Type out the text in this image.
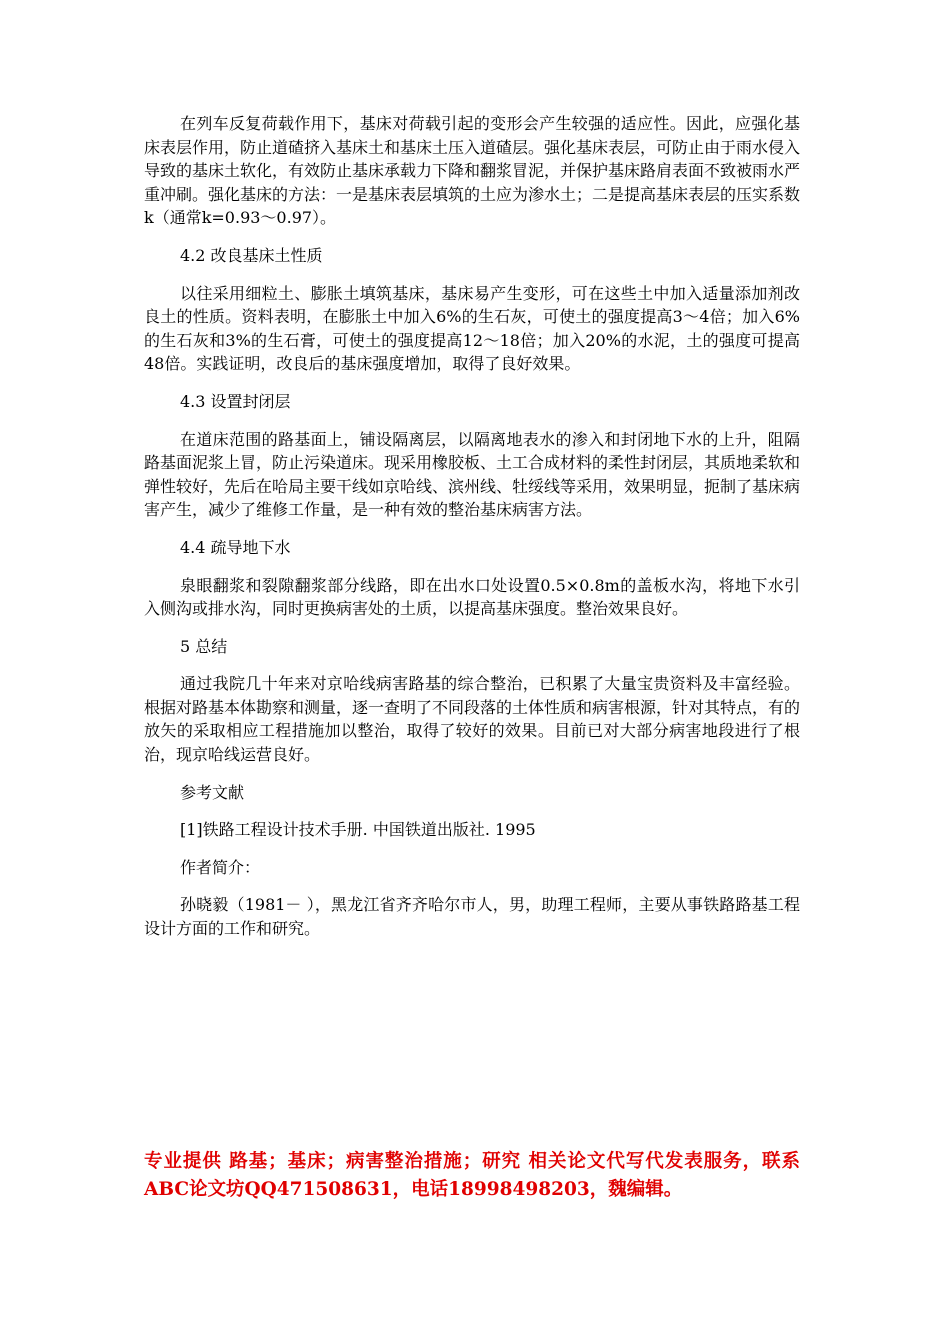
在列车反复荷载作用下，基床对荷载引起的变形会产生较强的适应性。因此，应强化基床表层作用，防止道碴挤入基床土和基床土压入道碴层。强化基床表层，可防止由于雨水侵入导致的基床土软化，有效防止基床承载力下降和翻浆冒泥，并保护基床路肩表面不致被雨水严重冲刷。强化基床的方法：一是基床表层填筑的土应为渗水土；二是提高基床表层的压实系数k（通常k=0.93～0.97）。

4.2 改良基床土性质

以往采用细粒土、膨胀土填筑基床，基床易产生变形，可在这些土中加入适量添加剂改良土的性质。资料表明，在膨胀土中加入6%的生石灰，可使土的强度提高3～4倍；加入6%的生石灰和3%的生石膏，可使土的强度提高12～18倍；加入20%的水泥，土的强度可提高48倍。实践证明，改良后的基床强度增加，取得了良好效果。

4.3 设置封闭层

在道床范围的路基面上，铺设隔离层，以隔离地表水的渗入和封闭地下水的上升，阻隔路基面泥浆上冒，防止污染道床。现采用橡胶板、土工合成材料的柔性封闭层，其质地柔软和弹性较好，先后在哈局主要干线如京哈线、滨州线、牡绥线等采用，效果明显，扼制了基床病害产生，减少了维修工作量，是一种有效的整治基床病害方法。

4.4 疏导地下水

泉眼翻浆和裂隙翻浆部分线路，即在出水口处设置0.5×0.8m的盖板水沟，将地下水引入侧沟或排水沟，同时更换病害处的土质，以提高基床强度。整治效果良好。

5 总结

通过我院几十年来对京哈线病害路基的综合整治，已积累了大量宝贵资料及丰富经验。根据对路基本体勘察和测量，逐一查明了不同段落的土体性质和病害根源，针对其特点，有的放矢的采取相应工程措施加以整治，取得了较好的效果。目前已对大部分病害地段进行了根治，现京哈线运营良好。

参考文献

[1]铁路工程设计技术手册. 中国铁道出版社. 1995

作者简介：

孙晓毅（1981－ ），黑龙江省齐齐哈尔市人，男，助理工程师，主要从事铁路路基工程设计方面的工作和研究。

专业提供 路基；基床；病害整治措施；研究 相关论文代写代发表服务，联系ABC论文坊QQ471508631，电话18998498203，魏编辑。
